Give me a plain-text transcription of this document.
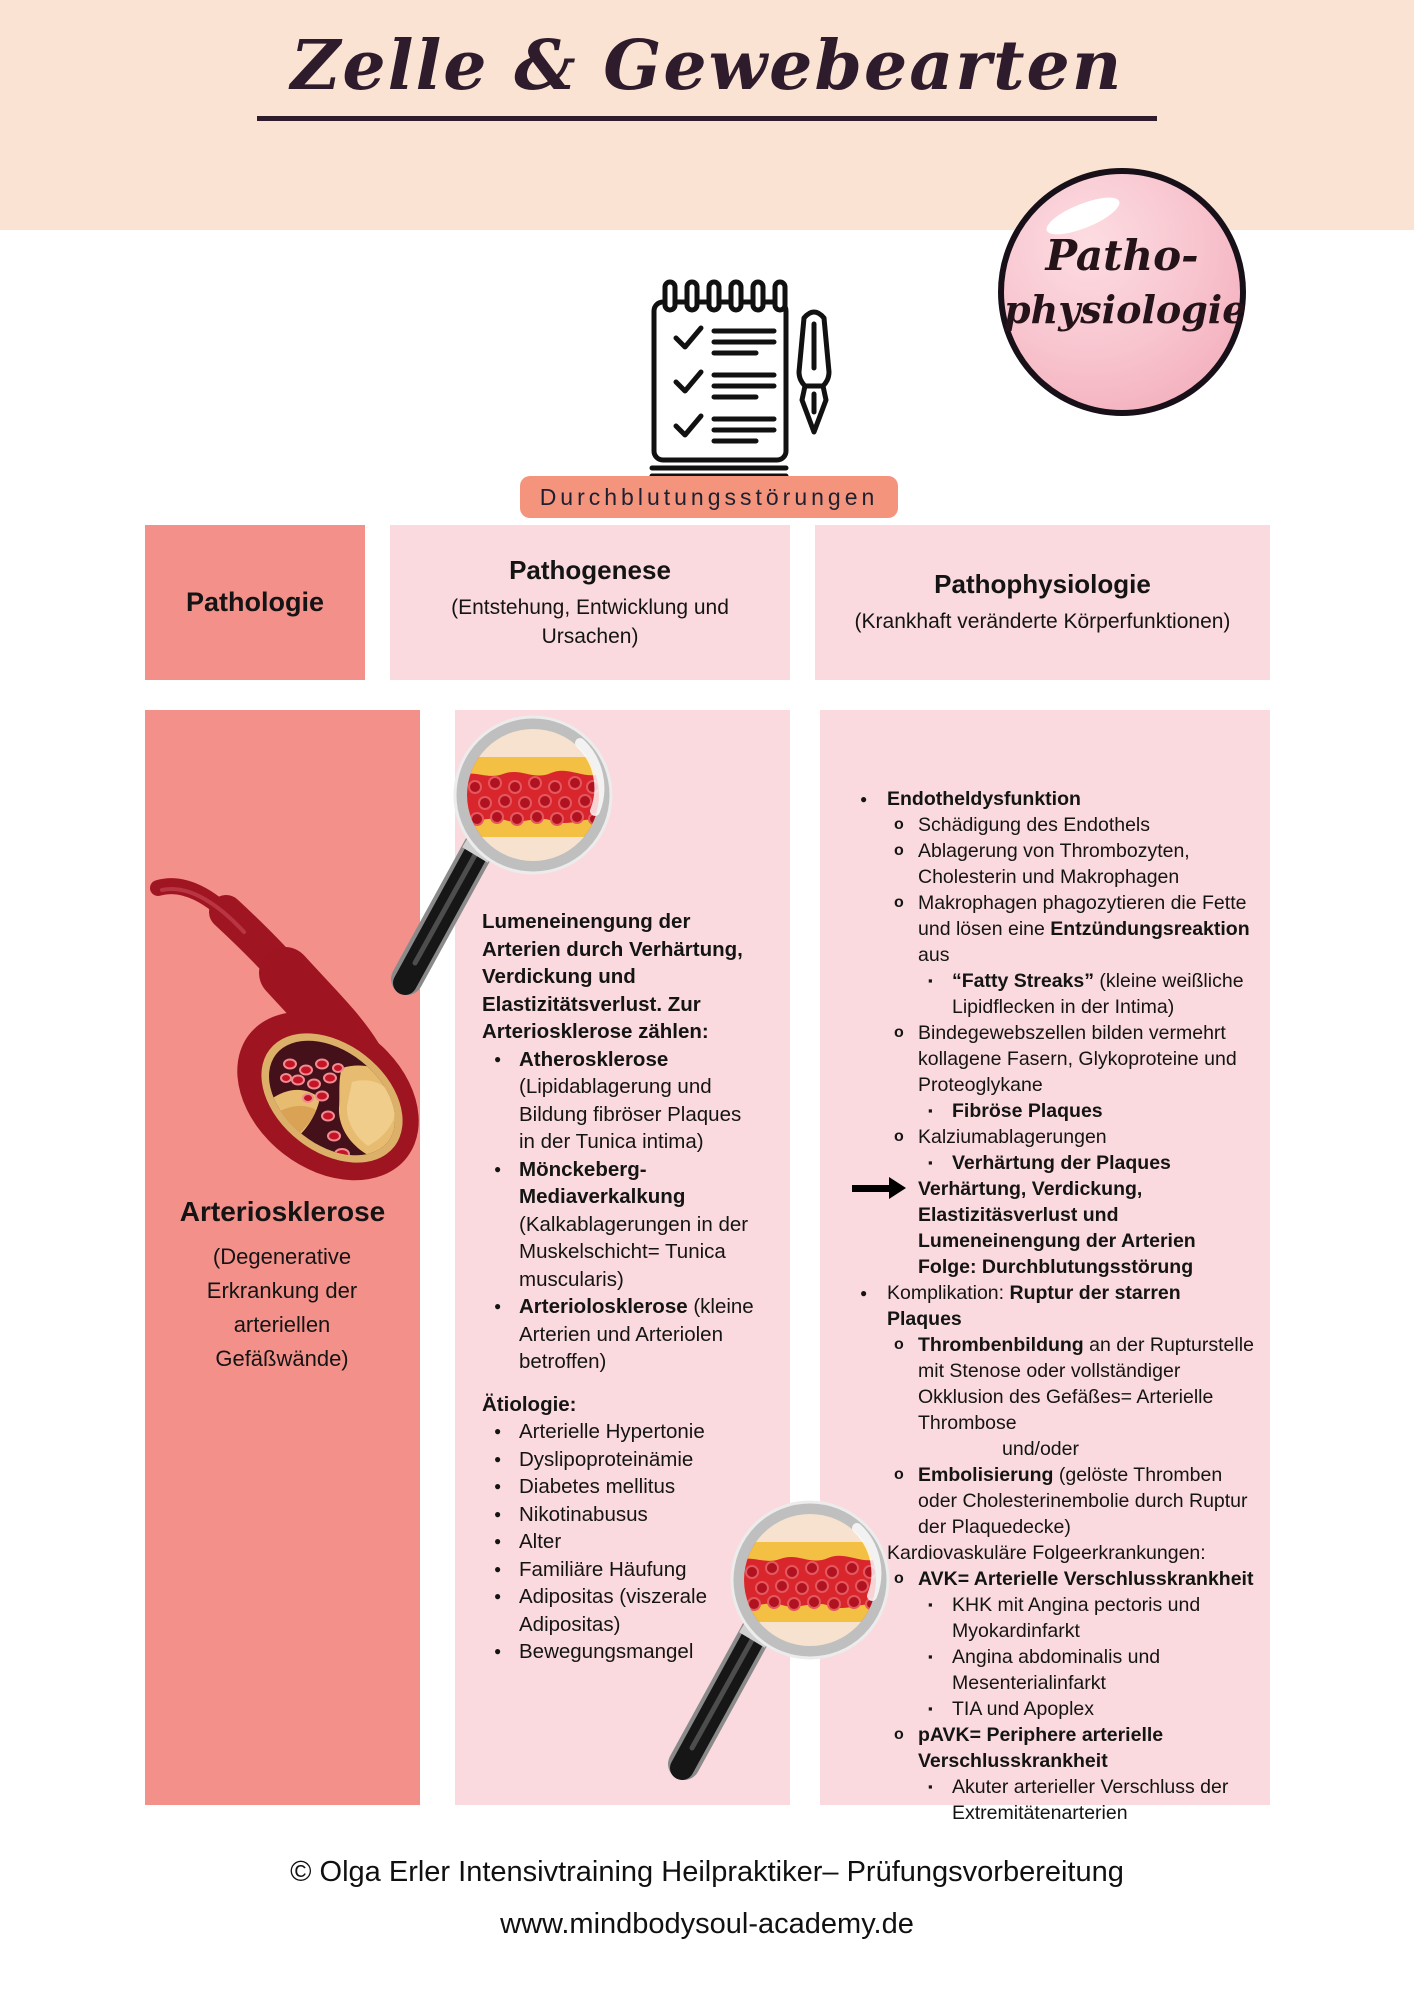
Zelle & Gewebearten
Patho-
physiologie
Durchblutungsstörungen
Pathologie
Pathogenese
(Entstehung, Entwicklung und Ursachen)
Pathophysiologie
(Krankhaft veränderte Körperfunktionen)
Arteriosklerose
(Degenerative Erkrankung der arteriellen Gefäßwände)
Lumeneinengung der Arterien durch Verhärtung, Verdickung und Elastizitätsverlust. Zur Arteriosklerose zählen:
● Atherosklerose (Lipidablagerung und Bildung fibröser Plaques in der Tunica intima)
● Mönckeberg-Mediaverkalkung (Kalkablagerungen in der Muskelschicht= Tunica muscularis)
● Arteriolosklerose (kleine Arterien und Arteriolen betroffen)
Ätiologie:
● Arterielle Hypertonie
● Dyslipoproteinämie
● Diabetes mellitus
● Nikotinabusus
● Alter
● Familiäre Häufung
● Adipositas (viszerale Adipositas)
● Bewegungsmangel
● Endotheldysfunktion
o Schädigung des Endothels
o Ablagerung von Thrombozyten, Cholesterin und Makrophagen
o Makrophagen phagozytieren die Fette und lösen eine Entzündungsreaktion aus
▪ “Fatty Streaks” (kleine weißliche Lipidflecken in der Intima)
o Bindegewebszellen bilden vermehrt kollagene Fasern, Glykoproteine und Proteoglykane
▪ Fibröse Plaques
o Kalziumablagerungen
▪ Verhärtung der Plaques
Verhärtung, Verdickung, Elastizitäsverlust und Lumeneinengung der Arterien Folge: Durchblutungsstörung
● Komplikation: Ruptur der starren Plaques
o Thrombenbildung an der Rupturstelle mit Stenose oder vollständiger Okklusion des Gefäßes= Arterielle Thrombose
und/oder
o Embolisierung (gelöste Thromben oder Cholesterinembolie durch Ruptur der Plaquedecke)
Kardiovaskuläre Folgeerkrankungen:
o AVK= Arterielle Verschlusskrankheit
▪ KHK mit Angina pectoris und Myokardinfarkt
▪ Angina abdominalis und Mesenterialinfarkt
▪ TIA und Apoplex
o pAVK= Periphere arterielle Verschlusskrankheit
▪ Akuter arterieller Verschluss der Extremitätenarterien
© Olga Erler Intensivtraining Heilpraktiker– Prüfungsvorbereitung
www.mindbodysoul-academy.de
